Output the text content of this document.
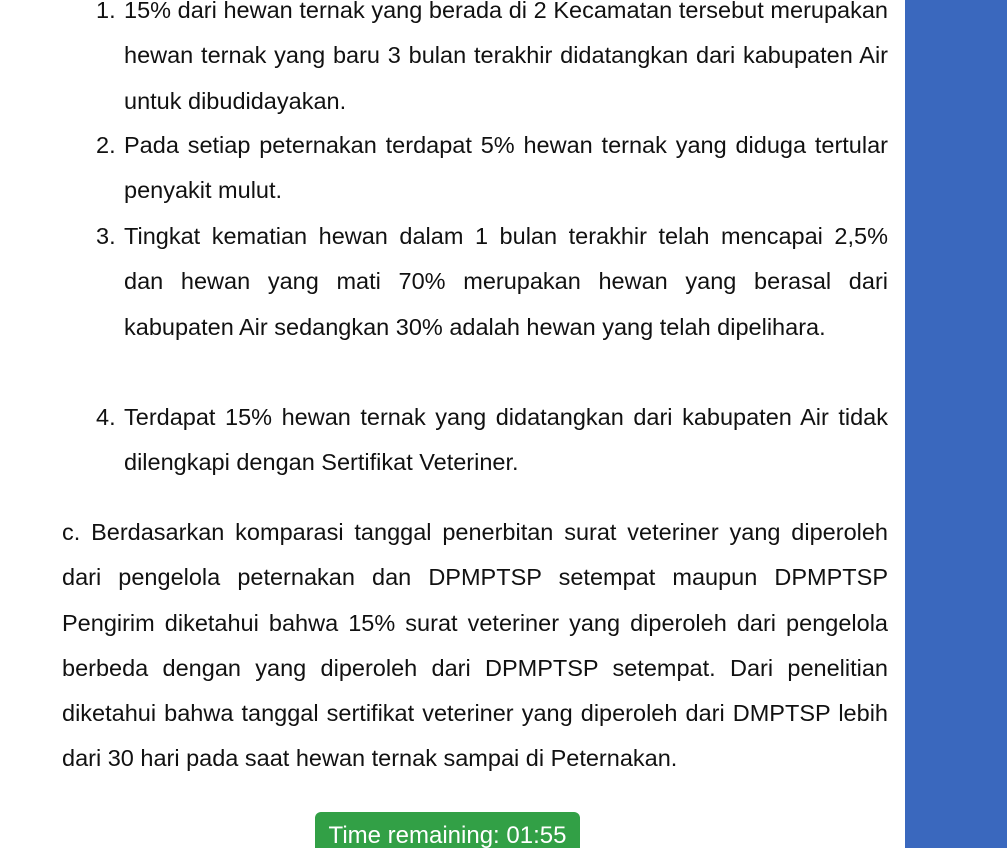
1. 15% dari hewan ternak yang berada di 2 Kecamatan tersebut merupakan hewan ternak yang baru 3 bulan terakhir didatangkan dari kabupaten Air untuk dibudidayakan.
2. Pada setiap peternakan terdapat 5% hewan ternak yang diduga tertular penyakit mulut.
3. Tingkat kematian hewan dalam 1 bulan terakhir telah mencapai 2,5% dan hewan yang mati 70% merupakan hewan yang berasal dari kabupaten Air sedangkan 30% adalah hewan yang telah dipelihara.
4. Terdapat 15% hewan ternak yang didatangkan dari kabupaten Air tidak dilengkapi dengan Sertifikat Veteriner.

c. Berdasarkan komparasi tanggal penerbitan surat veteriner yang diperoleh dari pengelola peternakan dan DPMPTSP setempat maupun DPMPTSP Pengirim diketahui bahwa 15% surat veteriner yang diperoleh dari pengelola berbeda dengan yang diperoleh dari DPMPTSP setempat. Dari penelitian diketahui bahwa tanggal sertifikat veteriner yang diperoleh dari DMPTSP lebih dari 30 hari pada saat hewan ternak sampai di Peternakan.

Time remaining: 01:55
